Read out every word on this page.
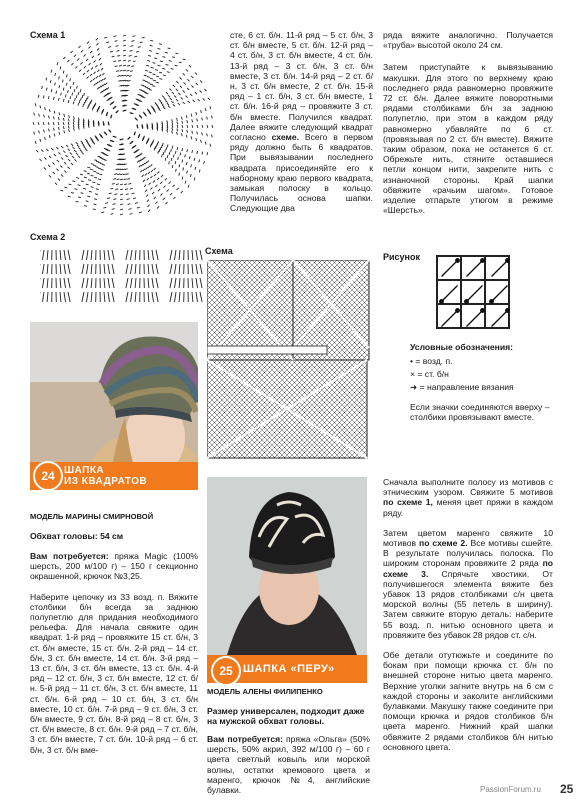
Схема 1
Схема 2
ШАПКА
ИЗ КВАДРАТОВ
24
МОДЕЛЬ МАРИНЫ СМИРНОВОЙ
Обхват головы: 54 см
Вам потребуется: пряжа Magic (100% шерсть, 200 м/100 г) – 150 г секционно окрашенной, крючок №3,25.
Наберите цепочку из 33 возд. п. Вяжите столбики б/н всегда за заднюю полупетлю для придания необходимого рельефа. Для начала свяжите один квадрат. 1-й ряд – провяжите 15 ст. б/н, 3 ст. б/н вместе, 15 ст. б/н. 2-й ряд – 14 ст. б/н, 3 ст. б/н вместе, 14 ст. б/н. 3-й ряд – 13 ст. б/н, 3 ст. б/н вместе, 13 ст. б/н. 4-й ряд – 12 ст. б/н, 3 ст. б/н вместе, 12 ст. б/н. 5-й ряд – 11 ст. б/н, 3 ст. б/н вместе, 11 ст. б/н. 6-й ряд – 10 ст. б/н, 3 ст. б/н вместе, 10 ст. б/н. 7-й ряд – 9 ст. б/н, 3 ст. б/н вместе, 9 ст. б/н. 8-й ряд – 8 ст. б/н, 3 ст. б/н вместе, 8 ст. б/н. 9-й ряд – 7 ст. б/н, 3 ст. б/н вместе, 7 ст. б/н. 10-й ряд – 6 ст. б/н, 3 ст. б/н вме-
сте, 6 ст. б/н. 11-й ряд – 5 ст. б/н, 3 ст. б/н вместе, 5 ст. б/н. 12-й ряд – 4 ст. б/н, 3 ст. б/н вместе, 4 ст. б/н. 13-й ряд – 3 ст. б/н, 3 ст. б/н вместе, 3 ст. б/н. 14-й ряд – 2 ст. б/н, 3 ст. б/н вместе, 2 ст. б/н. 15-й ряд – 1 ст. б/н, 3 ст. б/н вместе, 1 ст. б/н. 16-й ряд – провяжите 3 ст. б/н вместе. Получился квадрат. Далее вяжите следующий квадрат согласно схеме. Всего в первом ряду должно быть 6 квадратов. При вывязывании последнего квадрата присоединяйте его к наборному краю первого квадрата, замыкая полоску в кольцо. Получилась основа шапки. Следующие два
ряда вяжите аналогично. Получается «труба» высотой около 24 см.
Затем приступайте к вывязыванию макушки. Для этого по верхнему краю последнего ряда равномерно провяжите 72 ст. б/н. Далее вяжите поворотными рядами столбиками б/н за заднюю полупетлю, при этом в каждом ряду равномерно убавляйте по 6 ст. (провязывая по 2 ст. б/н вместе). Вяжите таким образом, пока не останется 6 ст. Обрежьте нить, стяните оставшиеся петли концом нити, закрепите нить с изнаночной стороны. Край шапки обвяжите «рачьим шагом». Готовое изделие отпарьте утюгом в режиме «Шерсть».
Схема
Рисунок
Условные обозначения:
• = возд. п.
× = ст. б/н
➜ = направление вязания
Если значки соединяются вверху – столбики провязывают вместе.
ШАПКА «ПЕРУ»
25
МОДЕЛЬ АЛЕНЫ ФИЛИПЕНКО
Размер универсален, подходит даже на мужской обхват головы.
Вам потребуется: пряжа «Ольга» (50% шерсть, 50% акрил, 392 м/100 г) – 60 г цвета светлый ковыль или морской волны, остатки кремового цвета и маренго, крючок №4, английские булавки.
Сначала выполните полосу из мотивов с этническим узором. Свяжите 5 мотивов по схеме 1, меняя цвет пряжи в каждом ряду.
Затем цветом маренго свяжите 10 мотивов по схеме 2. Все мотивы сшейте. В результате получилась полоска. По широким сторонам провяжите 2 ряда по схеме 3. Спрячьте хвостики. От получившегося элемента вяжите без убавок 13 рядов столбиками с/н цвета морской волны (55 петель в ширину). Затем свяжите вторую деталь: наберите 55 возд. п. нитью основного цвета и провяжите без убавок 28 рядов ст. с/н.
Обе детали отутюжьте и соедините по бокам при помощи крючка ст. б/н по внешней стороне нитью цвета маренго. Верхние уголки загните внутрь на 6 см с каждой стороны и заколите английскими булавками. Макушку также соедините при помощи крючка и рядов столбиков б/н цвета маренго. Нижний край шапки обвяжите 2 рядами столбиков б/н нитью основного цвета.
PassionForum.ru 25
